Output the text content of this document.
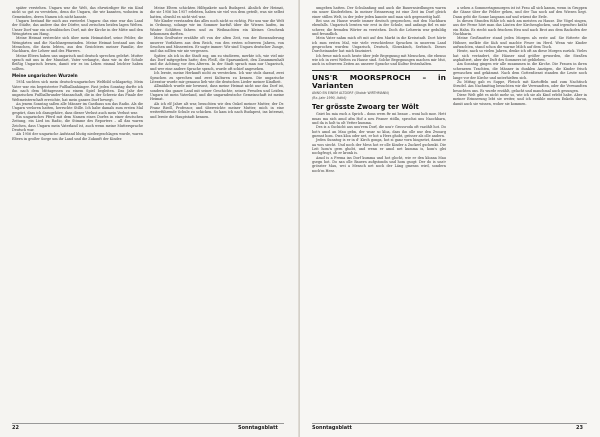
später verstehen. Ungarn war die Welt, das ehrwürdiger für ein Kind nicht so gut zu verstehen, denn die Ungarn, die wir kannten, wohnten in Gemeinden, deren Namen ich nicht kannte.

Ungarn bestand für mich aus zweierlei Ungarn: das eine war das Land der Städte, das andere das der Dörfer, und zwischen beiden lagen Welten. Unser Dorf war ein schwäbisches Dorf, mit der Kirche in der Mitte und den Weingärten am Hang.

Meine Heimat erstreckte sich über mein Heimatdorf, seine Felder, die Weingärten und die Nachbargemeinden. Meine Heimat bestand aus den Menschen, die darin lebten, aus den Gesichtern meiner Familie, der Nachbarn, der Lehrer und des Pfarrers.

Meine Eltern haben uns ungarisch und deutsch sprechen gelehrt. Mutter sprach mit uns in der Mundart, Vater verlangte, dass wir in der Schule fleißig Ungarisch lernen, damit wir es im Leben einmal leichter haben sollten.

Meine ungarischen Wurzeln

1954 suchten sich mein deutsch-ungarisches Weltbild schlagartig. Mein Vater war ein begeisterter Fußballanhänger. Fast jeden Sonntag durfte ich ihn nach dem Mittagessen zu einem Spiel begleiten. Das Jahr der ungarischen Fußballwunder-Mannschaft, die in der Schweiz das Finale der Weltmeisterschaft erreichte, hat mein ganzes Dorf bewegt.

An jenem Sonntag saßen alle Männer im Gasthaus um das Radio. Als die Ungarn verloren hatten, herrschte Stille. Ich habe damals zum ersten Mal gespürt, dass ich dazugehöre, dass dieser Verlust auch mein Verlust war.

Ein ungarisches Pferd mit dem Namen eines Dorfes in einer deutschen Zeitung, ein Lied im Radio, die Stimme des Reporters – all das waren Zeichen, dass Ungarn mein Vaterland ist, auch wenn meine Muttersprache Deutsch war.

Als 1956 der ungarische Aufstand blutig niedergeschlagen wurde, waren Eltern in großer Sorge um ihr Land und die Zukunft der Kinder.

Meine Eltern schickten Hilfspakete nach Budapest. Ähnlich der Heimat, die sie 1956 bis 1957 erlebten, haben sie viel von dem geteilt, was sie selbst hatten, obwohl es nicht viel war.

Wir Kinder verstanden das alles noch nicht so richtig. Für uns war die Welt in Ordnung, solange wir im Sommer barfuß über die Wiesen laufen, im Winter Schlitten fahren und zu Weihnachten ein kleines Geschenk bekommen durften.

Mein Großvater erzählte oft von der alten Zeit, von der Einwanderung unserer Vorfahren aus dem Reich, von den ersten schweren Jahren, von Seuchen und Missernten. Er sagte immer: Wir sind Ungarn deutscher Zunge, und das sollten wir nie vergessen.

Später, als ich in die Stadt zog, um zu studieren, merkte ich, wie viel mir das Dorf mitgegeben hatte: den Fleiß, die Sparsamkeit, den Zusammenhalt und die Achtung vor den Älteren. In der Stadt sprach man nur Ungarisch, und wer eine andere Sprache sprach, wurde oft schief angesehen.

Ich lernte, meine Herkunft nicht zu verstecken. Ich war stolz darauf, zwei Sprachen zu sprechen und zwei Kulturen zu kennen. Die ungarische Literatur wurde mir genauso lieb wie die deutschen Lieder meiner Kindheit.

Allmählich wurde mir bewusst, dass meine Heimat nicht nur das Dorf ist, sondern das ganze Land mit seiner Geschichte, seinen Freuden und Leiden. Ungarn ist mein Vaterland, und die ungarndeutsche Gemeinschaft ist meine Heimat.

Als ich elf Jahre alt war, besuchten wir den Onkel meiner Mutter, der Dr. Franz Riedl, Professor, und überreichte meiner Mutter, mich in eine weiterführende Schule zu schicken. So kam ich nach Budapest, ins Internat, und lernte die Hauptstadt kennen.

22	Sonntagsblatt

umgeben hatten. Der Schulanfang und auch die Bauernsiedlungen waren ein unser Kinderleben. In meiner Erinnerung ist eine Zeit im Dorf gleich einer stillen Welt, in der jeder jeden kannte und man sich gegenseitig half.

Bei uns zu Hause wurde immer deutsch gesprochen, mit den Nachbarn ebenfalls. Ungarisch lernten wir erst in der Schule, und anfangs fiel es mir schwer, die fremden Wörter zu verstehen. Doch die Lehrerin war geduldig und freundlich.

Mein Vater nahm mich oft mit auf den Markt in die Kreisstadt. Dort hörte ich zum ersten Mal, wie viele verschiedene Sprachen in unserem Land gesprochen wurden: Ungarisch, Deutsch, Slowakisch, Serbisch. Dieses Durcheinander hat mich fasziniert.

Ich freue mich noch heute über jede Begegnung mit Menschen, die ebenso wie ich in zwei Welten zu Hause sind. Solche Begegnungen machen mir Mut, auch in schweren Zeiten an unserer Sprache und Kultur festzuhalten.

UNS'R MOORSPROCH – in Varianten
ANNO EN EINEM ALTDORF (Otokár WIRTHMANN)
(Rz.-Jahr 1990, Ildikó)
Ter grösste Zwoarg ter Wölt

Gsiet hu mia euch a Sprich – donn wern ftr mi beaue – woni hob moe. Hett muas ma sich amol afm Hof a neu Feaner stölln, sprochsi uns Naochbarn, und da is holt ta olt Vetter kumma.

Des is a Gschicht aus uns'rem Dorf, die uns'r Grossvoda oft vazöhlt hot. Do hot's amol an Mau gebn, der woar so kloa, dass ihn olle nur den Zwoarg gnennt hom. Owa kloa oder net, er hot a Herz ghobt, grösser als olle andern.

Jeden Sunntog is er in d' Kirch gonga, hot si ganz vorn hingsetzt, damit er aa wos siecht. Und noch der Mess hot er olle Kinder a Zuckerl gschenkt. Die Leit hom'n gern ghobt, und wenn er amol net kumma is, hom's glei nochgfrogt, ob er kronk is.

Amol is a Frema ins Dorf kumma und hot glocht, wie er den kloana Mau gsegn hot. Do san olle Bauern aufgstondn und hom gsogt: Der do is uns'r grösster Mau, wei a Mensch net noch der Läng gmessn wird, sondern noch'm Herz.

a sehen a Sommertagsmorgen ist ist Frau all sich kamm, wenn in Gruppen die Gänse über die Felder gehen, und der Tau noch auf den Wiesen liegt. Dann geht die Sonne langsam auf und wärmt die Erde.

In diesen Stunden fühle ich mich am meisten zu Hause. Die Vögel singen, aus der Ferne hört man das Läuten der Kirchenglocken, und irgendwo kräht ein Hahn. Es riecht nach frischem Heu und nach Brot aus dem Backofen der Nachbarin.

Meine Großmutter stand jeden Morgen als erste auf. Sie fütterte die Hühner, melkte die Kuh und machte Feuer im Herd. Wenn wir Kinder aufwachten, stand schon die warme Milch auf dem Tisch.

Heute, nach so vielen Jahren, denke ich oft an diese Morgen zurück. Vieles hat sich verändert, die Häuser sind größer geworden, die Straßen asphaltiert, aber der Duft des Sommers ist geblieben.

Am Sonntag gingen wir alle zusammen in die Kirche. Die Frauen in ihren schwarzen Trachten, die Männer in dunklen Anzügen, die Kinder frisch gewaschen und gekämmt. Nach dem Gottesdienst standen die Leute noch lange vor der Kirche und unterhielten sich.

Zu Mittag gab es Suppe, Fleisch mit Kartoffeln und zum Nachtisch Strudel. Am Nachmittag besuchten wir die Verwandten, oder die Verwandten besuchten uns. Es wurde erzählt, gelacht und manchmal auch gesungen.

Diese Welt gibt es nicht mehr so, wie ich sie als Kind erlebt habe. Aber in meiner Erinnerung lebt sie weiter, und ich erzähle meinen Enkeln davon, damit auch sie wissen, woher sie kommen.

Sonntagsblatt	23
